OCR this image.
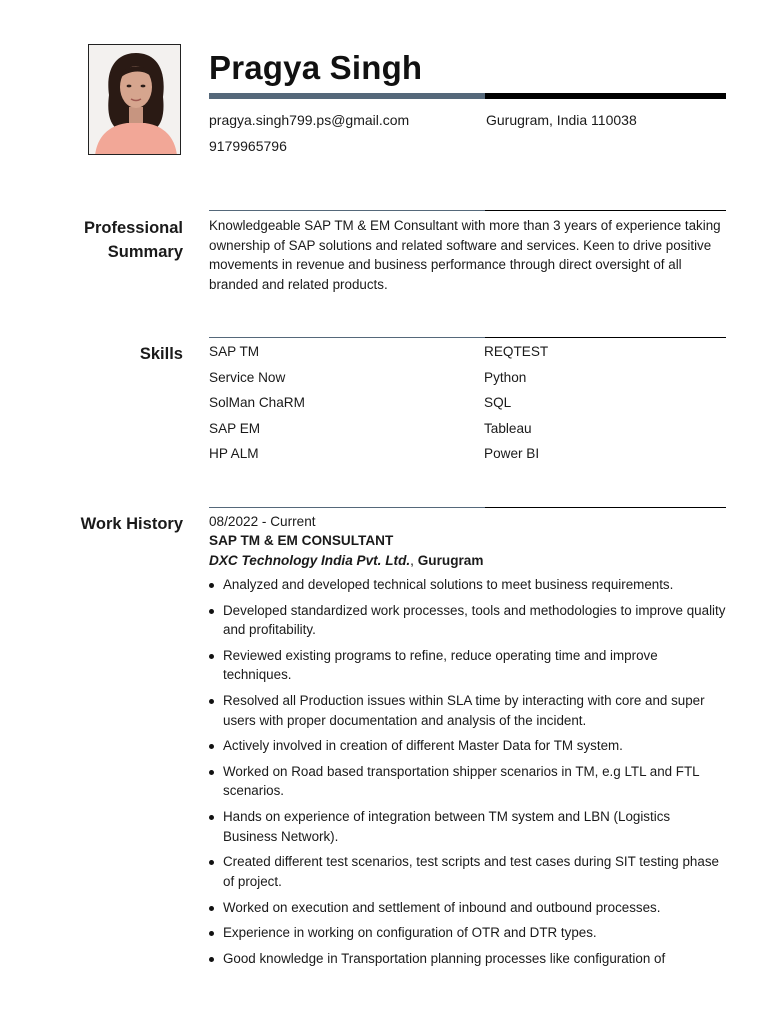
Pragya Singh
pragya.singh799.ps@gmail.com	Gurugram, India 110038
9179965796
Professional
Summary
Knowledgeable SAP TM & EM Consultant with more than 3 years of experience taking ownership of SAP solutions and related software and services. Keen to drive positive movements in revenue and business performance through direct oversight of all branded and related products.
Skills SAP TM
Service Now
SolMan ChaRM
SAP EM
HP ALM
REQTEST
Python
SQL
Tableau
Power BI
Work History 08/2022 - Current
SAP TM & EM CONSULTANT
DXC Technology India Pvt. Ltd., Gurugram
Analyzed and developed technical solutions to meet business requirements.
Developed standardized work processes, tools and methodologies to improve quality and profitability.
Reviewed existing programs to refine, reduce operating time and improve techniques.
Resolved all Production issues within SLA time by interacting with core and super users with proper documentation and analysis of the incident.
Actively involved in creation of different Master Data for TM system.
Worked on Road based transportation shipper scenarios in TM, e.g LTL and FTL scenarios.
Hands on experience of integration between TM system and LBN (Logistics Business Network).
Created different test scenarios, test scripts and test cases during SIT testing phase of project.
Worked on execution and settlement of inbound and outbound processes.
Experience in working on configuration of OTR and DTR types.
Good knowledge in Transportation planning processes like configuration of
